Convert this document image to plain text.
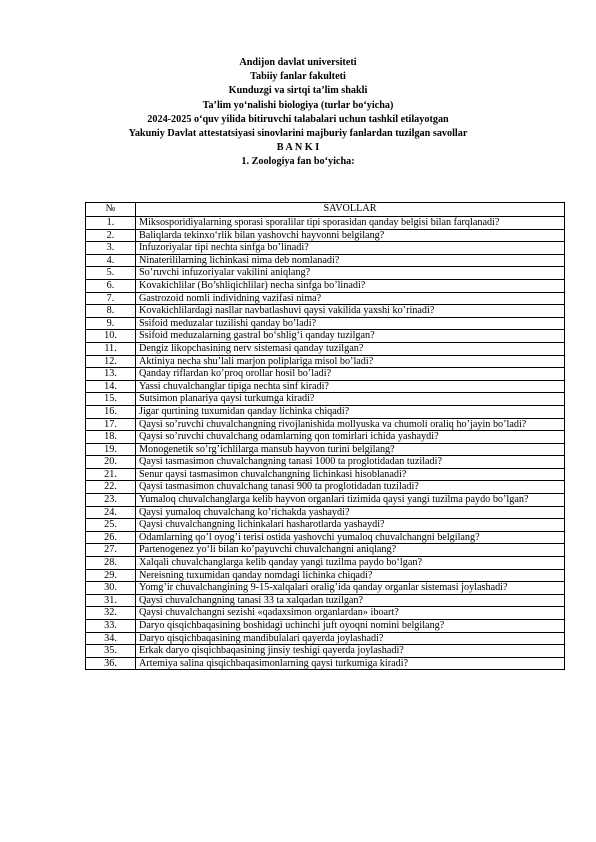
Andijon davlat universiteti
Tabiiy fanlar fakulteti
Kunduzgi va sirtqi ta’lim shakli
Ta’lim yo‘nalishi biologiya (turlar bo‘yicha)
2024-2025 o‘quv yilida bitiruvchi talabalari uchun tashkil etilayotgan
Yakuniy Davlat attestatsiyasi sinovlarini majburiy fanlardan tuzilgan savollar
B A N K I
1. Zoologiya fan bo‘yicha:
№	SAVOLLAR
1.	Miksosporidiyalarning sporasi sporalilar tipi sporasidan qanday belgisi bilan farqlanadi?
2.	Baliqlarda tekinxo‘rlik bilan yashovchi hayvonni belgilang?
3.	Infuzoriyalar tipi nechta sinfga bo’linadi?
4.	Ninaterililarning lichinkasi nima deb nomlanadi?
5.	So’ruvchi infuzoriyalar vakilini aniqlang?
6.	Kovakichlilar (Bo’shliqichlilar) necha sinfga bo’linadi?
7.	Gastrozoid nomli individning vazifasi nima?
8.	Kovakichlilardagi nasllar navbatlashuvi qaysi vakilida yaxshi ko’rinadi?
9.	Ssifoid meduzalar tuzilishi qanday bo’ladi?
10.	Ssifoid meduzalarning gastral bo‘shlig‘i qanday tuzilgan?
11.	Dengiz likopchasining nerv sistemasi qanday tuzilgan?
12.	Aktiniya necha shu’lali marjon poliplariga misol bo’ladi?
13.	Qanday riflardan ko’proq orollar hosil bo’ladi?
14.	Yassi chuvalchanglar tipiga nechta sinf kiradi?
15.	Sutsimon planariya qaysi turkumga kiradi?
16.	Jigar qurtining tuxumidan qanday lichinka chiqadi?
17.	Qaysi so’ruvchi chuvalchangning rivojlanishida mollyuska va chumoli oraliq ho’jayin bo’ladi?
18.	Qaysi so’ruvchi chuvalchang odamlarning qon tomirlari ichida yashaydi?
19.	Monogenetik so’rg’ichlilarga mansub hayvon turini belgilang?
20.	Qaysi tasmasimon chuvalchangning tanasi 1000 ta proglotidadan tuziladi?
21.	Senur qaysi tasmasimon chuvalchangning lichinkasi hisoblanadi?
22.	Qaysi tasmasimon chuvalchang tanasi 900 ta proglotidadan tuziladi?
23.	Yumaloq chuvalchanglarga kelib hayvon organlari tizimida qaysi yangi tuzilma paydo bo’lgan?
24.	Qaysi yumaloq chuvalchang ko’richakda yashaydi?
25.	Qaysi chuvalchangning lichinkalari hasharotlarda yashaydi?
26.	Odamlarning qo’l oyog’i terisi ostida yashovchi yumaloq chuvalchangni belgilang?
27.	Partenogenez yo‘li bilan ko’payuvchi chuvalchangni aniqlang?
28.	Xalqali chuvalchanglarga kelib qanday yangi tuzilma paydo bo‘lgan?
29.	Nereisning tuxumidan qanday nomdagi lichinka chiqadi?
30.	Yomg’ir chuvalchangining 9-15-xalqalari oralig’ida qanday organlar sistemasi joylashadi?
31.	Qaysi chuvalchangning tanasi 33 ta xalqadan tuzilgan?
32.	Qaysi chuvalchangni sezishi «qadaxsimon organlardan» iboart?
33.	Daryo qisqichbaqasining boshidagi uchinchi juft oyoqni nomini belgilang?
34.	Daryo qisqichbaqasining mandibulalari qayerda joylashadi?
35.	Erkak daryo qisqichbaqasining jinsiy teshigi qayerda joylashadi?
36.	Artemiya salina qisqichbaqasimonlarning qaysi turkumiga kiradi?
